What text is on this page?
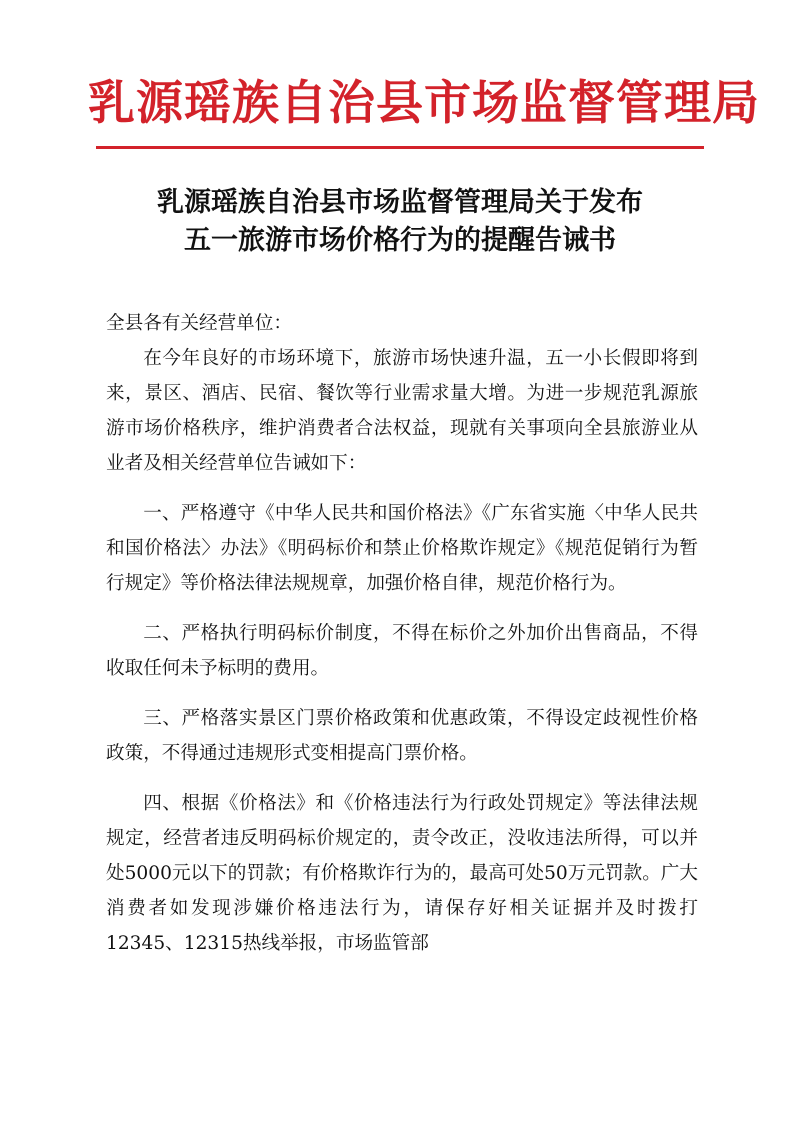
乳源瑶族自治县市场监督管理局
乳源瑶族自治县市场监督管理局关于发布
五一旅游市场价格行为的提醒告诫书

全县各有关经营单位：

在今年良好的市场环境下，旅游市场快速升温，五一小长假即将到来，景区、酒店、民宿、餐饮等行业需求量大增。为进一步规范乳源旅游市场价格秩序，维护消费者合法权益，现就有关事项向全县旅游业从业者及相关经营单位告诫如下：

一、严格遵守《中华人民共和国价格法》《广东省实施〈中华人民共和国价格法〉办法》《明码标价和禁止价格欺诈规定》《规范促销行为暂行规定》等价格法律法规规章，加强价格自律，规范价格行为。

二、严格执行明码标价制度，不得在标价之外加价出售商品，不得收取任何未予标明的费用。

三、严格落实景区门票价格政策和优惠政策，不得设定歧视性价格政策，不得通过违规形式变相提高门票价格。

四、根据《价格法》和《价格违法行为行政处罚规定》等法律法规规定，经营者违反明码标价规定的，责令改正，没收违法所得，可以并处5000元以下的罚款；有价格欺诈行为的，最高可处50万元罚款。广大消费者如发现涉嫌价格违法行为，请保存好相关证据并及时拨打12345、12315热线举报，市场监管部
